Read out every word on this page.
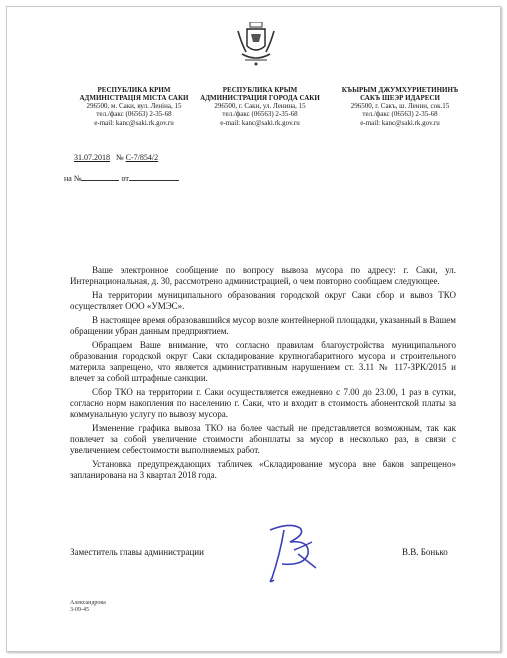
РЕСПУБЛИКА КРИМ
АДМИНІСТРАЦІЯ МІСТА САКИ
296500, м. Саки, вул. Леніна, 15
тел./факс (06563) 2-35-68
e-mail: kanc@saki.rk.gov.ru
РЕСПУБЛИКА КРЫМ
АДМИНИСТРАЦИЯ ГОРОДА САКИ
296500, г. Саки, ул. Ленина, 15
тел./факс (06563) 2-35-68
e-mail: kanc@saki.rk.gov.ru
КЪЫРЫМ ДЖУМХУРИЕТИНИНЪ
САКЪ ШЕЭР ИДАРЕСИ
296500, г. Сакъ, ш. Ленин, сок.15
тел./факс (06563) 2-35-68
e-mail: kanc@saki.rk.gov.ru
31.07.2018 № С-7/854/2
на №	от

Ваше электронное сообщение по вопросу вывоза мусора по адресу: г. Саки, ул. Интернациональная, д. 30, рассмотрено администрацией, о чем повторно сообщаем следующее.

На территории муниципального образования городской округ Саки сбор и вывоз ТКО осуществляет ООО «УМЭС».

В настоящее время образовавшийся мусор возле контейнерной площадки, указанный в Вашем обращении убран данным предприятием.

Обращаем Ваше внимание, что согласно правилам благоустройства муниципального образования городской округ Саки складирование крупногабаритного мусора и строительного материла запрещено, что является административным нарушением ст. 3.11 № 117-ЗРК/2015 и влечет за собой штрафные санкции.

Сбор ТКО на территории г. Саки осуществляется ежедневно с 7.00 до 23.00, 1 раз в сутки, согласно норм накопления по населению г. Саки, что и входит в стоимость абонентской платы за коммунальную услугу по вывозу мусора.

Изменение графика вывоза ТКО на более частый не представляется возможным, так как повлечет за собой увеличение стоимости абонплаты за мусор в несколько раз, в связи с увеличением себестоимости выполняемых работ.

Установка предупреждающих табличек «Складирование мусора вне баков запрещено» запланирована на 3 квартал 2018 года.

Заместитель главы администрации	В.В. Бонько
Александрова
3-09-45
